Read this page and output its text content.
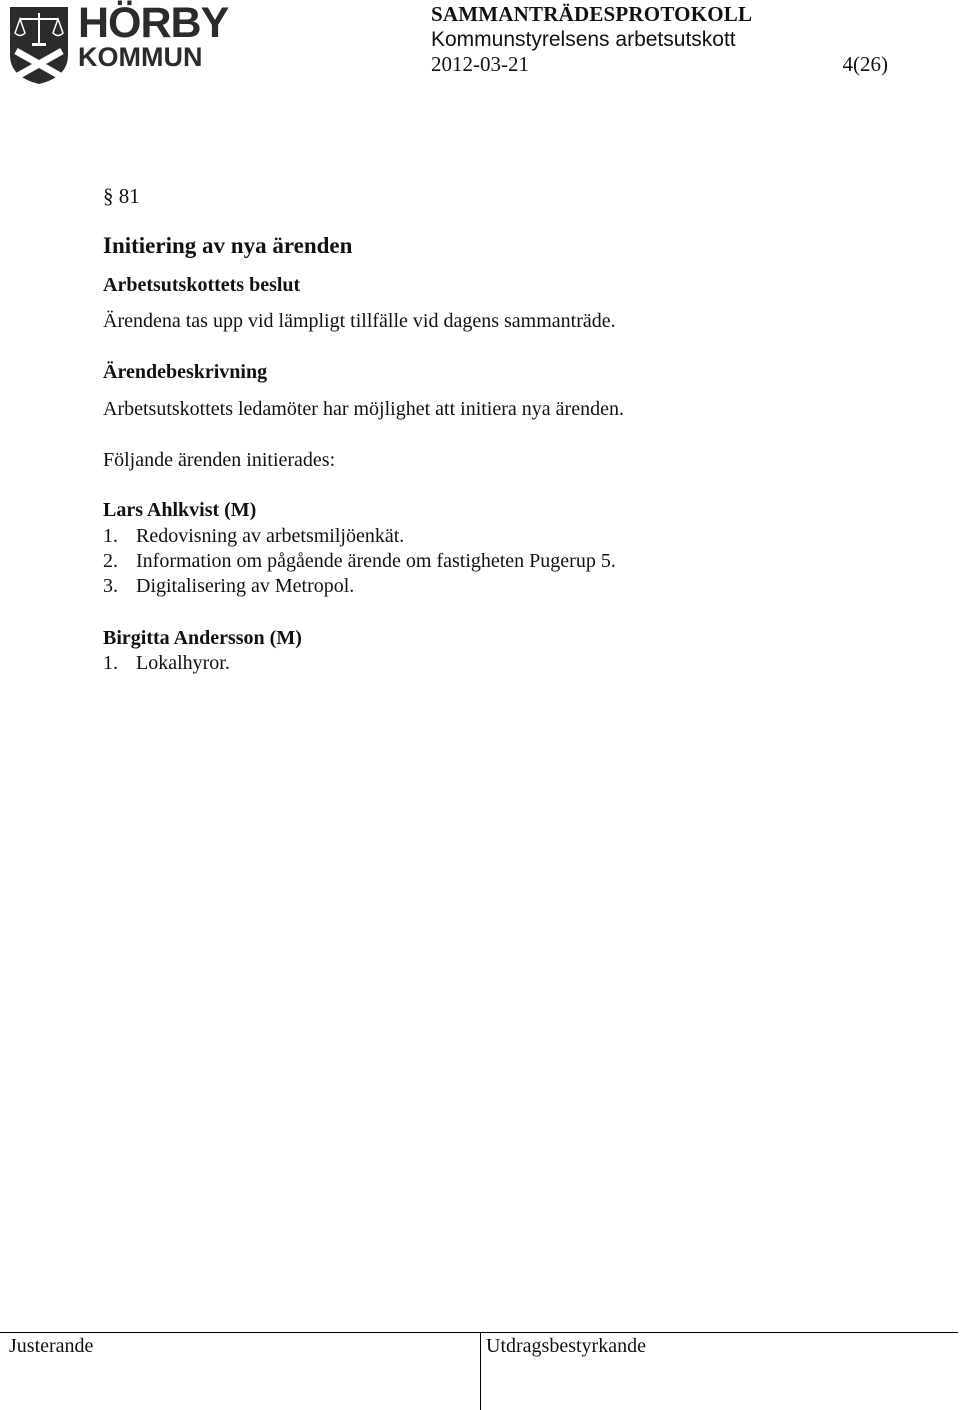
HÖRBY
KOMMUN
SAMMANTRÄDESPROTOKOLL
Kommunstyrelsens arbetsutskott
2012-03-21	4(26)
§ 81
Initiering av nya ärenden
Arbetsutskottets beslut
Ärendena tas upp vid lämpligt tillfälle vid dagens sammanträde.
Ärendebeskrivning
Arbetsutskottets ledamöter har möjlighet att initiera nya ärenden.
Följande ärenden initierades:
Lars Ahlkvist (M)
1. Redovisning av arbetsmiljöenkät.
2. Information om pågående ärende om fastigheten Pugerup 5.
3. Digitalisering av Metropol.
Birgitta Andersson (M)
1. Lokalhyror.
Justerande	Utdragsbestyrkande
